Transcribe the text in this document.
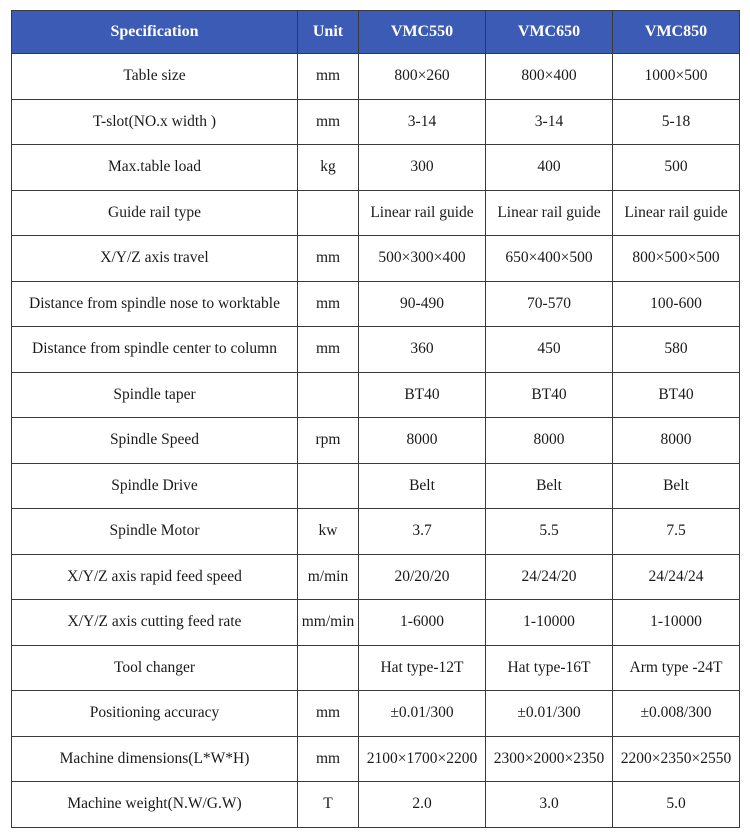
Specification	Unit	VMC550	VMC650	VMC850
Table size	mm	800×260	800×400	1000×500
T-slot(NO.x width )	mm	3-14	3-14	5-18
Max.table load	kg	300	400	500
Guide rail type		Linear rail guide	Linear rail guide	Linear rail guide
X/Y/Z axis travel	mm	500×300×400	650×400×500	800×500×500
Distance from spindle nose to worktable	mm	90-490	70-570	100-600
Distance from spindle center to column	mm	360	450	580
Spindle taper		BT40	BT40	BT40
Spindle Speed	rpm	8000	8000	8000
Spindle Drive		Belt	Belt	Belt
Spindle Motor	kw	3.7	5.5	7.5
X/Y/Z axis rapid feed speed	m/min	20/20/20	24/24/20	24/24/24
X/Y/Z axis cutting feed rate	mm/min	1-6000	1-10000	1-10000
Tool changer		Hat type-12T	Hat type-16T	Arm type -24T
Positioning accuracy	mm	±0.01/300	±0.01/300	±0.008/300
Machine dimensions(L*W*H)	mm	2100×1700×2200	2300×2000×2350	2200×2350×2550
Machine weight(N.W/G.W)	T	2.0	3.0	5.0
